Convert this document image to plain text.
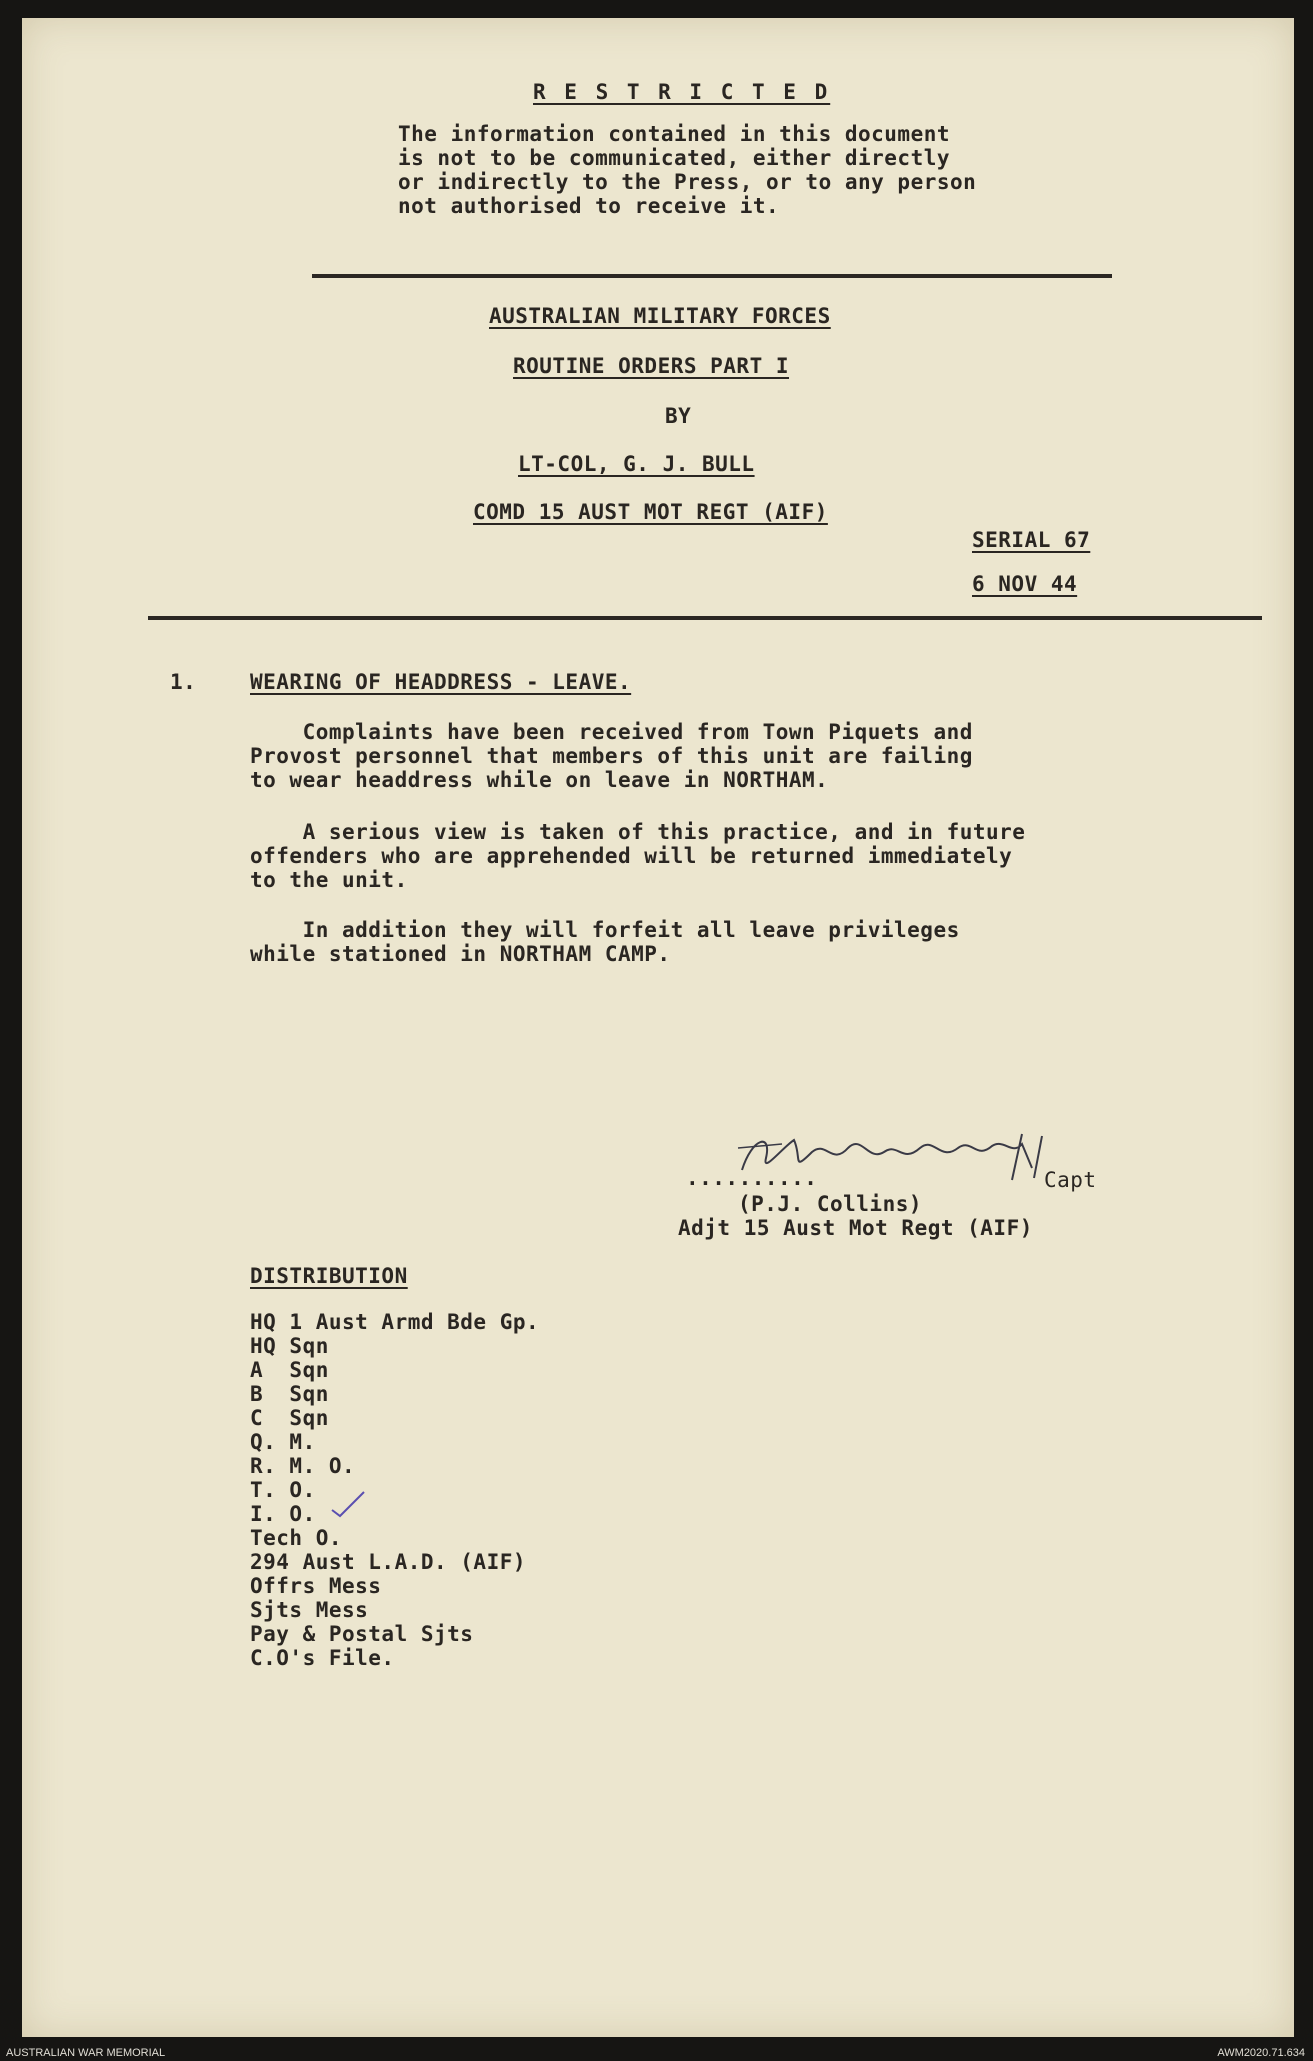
R E S T R I C T E D
The information contained in this document
is not to be communicated, either directly
or indirectly to the Press, or to any person
not authorised to receive it.
AUSTRALIAN MILITARY FORCES
ROUTINE ORDERS PART I
BY
LT-COL, G. J. BULL
COMD 15 AUST MOT REGT (AIF)
SERIAL 67
6 NOV 44
1.	WEARING OF HEADDRESS - LEAVE.
Complaints have been received from Town Piquets and
Provost personnel that members of this unit are failing
to wear headdress while on leave in NORTHAM.
A serious view is taken of this practice, and in future
offenders who are apprehended will be returned immediately
to the unit.
In addition they will forfeit all leave privileges
while stationed in NORTHAM CAMP.
..........	Capt
(P.J. Collins)
Adjt 15 Aust Mot Regt (AIF)
DISTRIBUTION
HQ 1 Aust Armd Bde Gp.
HQ Sqn
A  Sqn
B  Sqn
C  Sqn
Q. M.
R. M. O.
T. O.
I. O.
Tech O.
294 Aust L.A.D. (AIF)
Offrs Mess
Sjts Mess
Pay & Postal Sjts
C.O's File.
AUSTRALIAN WAR MEMORIAL	AWM2020.71.634
